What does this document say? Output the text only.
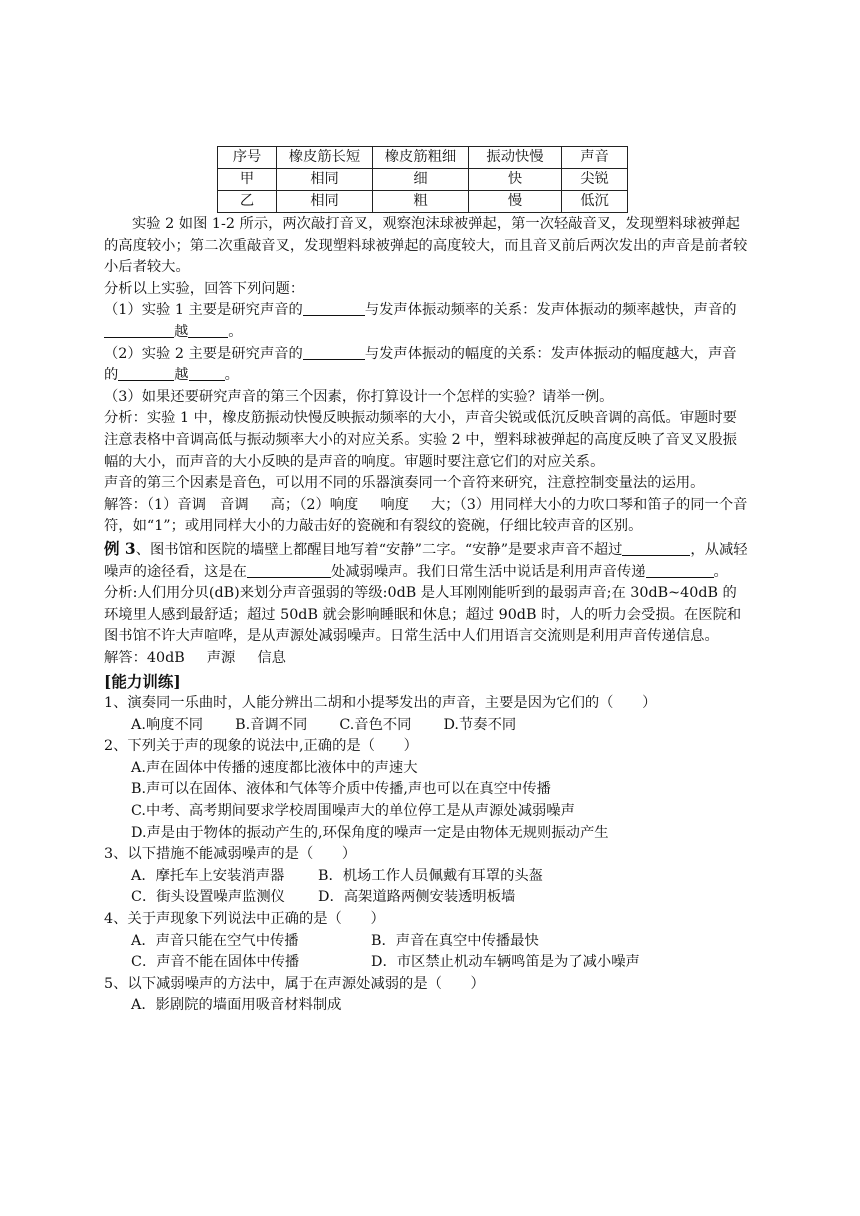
序号	橡皮筋长短	橡皮筋粗细	振动快慢	声音
甲	相同	细	快	尖锐
乙	相同	粗	慢	低沉

实验 2 如图 1-2 所示，两次敲打音叉，观察泡沫球被弹起，第一次轻敲音叉，发现塑料球被弹起的高度较小；第二次重敲音叉，发现塑料球被弹起的高度较大，而且音叉前后两次发出的声音是前者较小后者较大。

分析以上实验，回答下列问题：

（1）实验 1 主要是研究声音的	与发声体振动频率的关系：发声体振动的频率越快，声音的越	。

（2）实验 2 主要是研究声音的	与发声体振动的幅度的关系：发声体振动的幅度越大，声音的	越	。

（3）如果还要研究声音的第三个因素，你打算设计一个怎样的实验？请举一例。

分析：实验 1 中，橡皮筋振动快慢反映振动频率的大小，声音尖锐或低沉反映音调的高低。审题时要注意表格中音调高低与振动频率大小的对应关系。实验 2 中，塑料球被弹起的高度反映了音叉叉股振幅的大小，而声音的大小反映的是声音的响度。审题时要注意它们的对应关系。

声音的第三个因素是音色，可以用不同的乐器演奏同一个音符来研究，注意控制变量法的运用。

解答：（1）音调 音调 高；（2）响度 响度 大；（3）用同样大小的力吹口琴和笛子的同一个音符，如“1”；或用同样大小的力敲击好的瓷碗和有裂纹的瓷碗，仔细比较声音的区别。

例 3、图书馆和医院的墙壁上都醒目地写着“安静”二字。“安静”是要求声音不超过	，从减轻噪声的途径看，这是在	处减弱噪声。我们日常生活中说话是利用声音传递	。

分析:人们用分贝(dB)来划分声音强弱的等级:0dB 是人耳刚刚能听到的最弱声音;在 30dB~40dB 的环境里人感到最舒适；超过 50dB 就会影响睡眠和休息；超过 90dB 时，人的听力会受损。在医院和图书馆不许大声喧哗，是从声源处减弱噪声。日常生活中人们用语言交流则是利用声音传递信息。

解答：40dB 声源 信息

[能力训练]

1、演奏同一乐曲时，人能分辨出二胡和小提琴发出的声音，主要是因为它们的（　　）

A.响度不同 B.音调不同 C.音色不同 D.节奏不同

2、下列关于声的现象的说法中,正确的是（　　）

A.声在固体中传播的速度都比液体中的声速大

B.声可以在固体、液体和气体等介质中传播,声也可以在真空中传播

C.中考、高考期间要求学校周围噪声大的单位停工是从声源处减弱噪声

D.声是由于物体的振动产生的,环保角度的噪声一定是由物体无规则振动产生

3、以下措施不能减弱噪声的是（　　）

A．摩托车上安装消声器 B．机场工作人员佩戴有耳罩的头盔

C．街头设置噪声监测仪 D．高架道路两侧安装透明板墙

4、关于声现象下列说法中正确的是（　　）

A．声音只能在空气中传播	B．声音在真空中传播最快

C．声音不能在固体中传播	D．市区禁止机动车辆鸣笛是为了减小噪声

5、以下减弱噪声的方法中，属于在声源处减弱的是（　　）

A．影剧院的墙面用吸音材料制成
